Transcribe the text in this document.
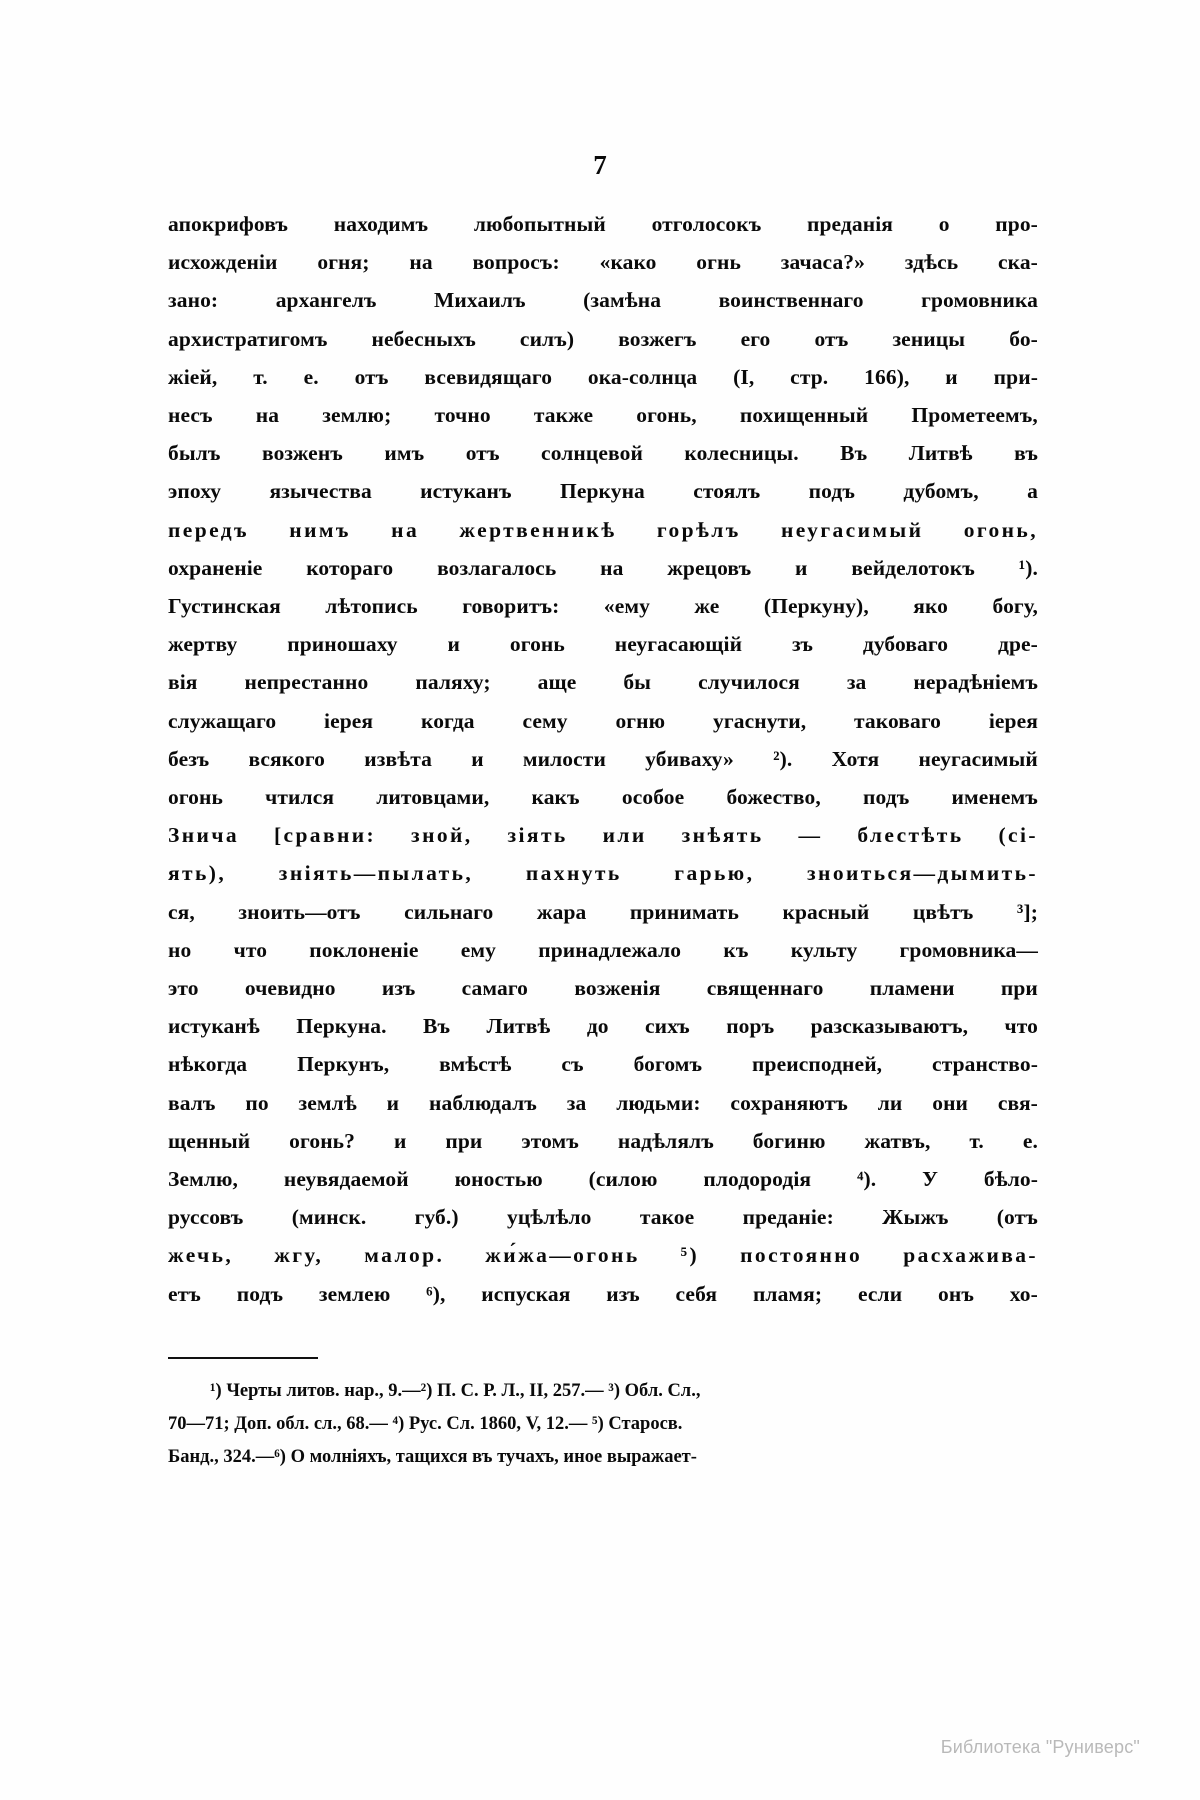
7

апокрифовъ находимъ любопытный отголосокъ преданія о про-
исхожденіи огня; на вопросъ: «како огнь зачаса?» здѣсь ска-
зано:	архангелъ	Михаилъ	(замѣна	воинственнаго	громовника
архистратигомъ небесныхъ силъ) возжегъ его отъ зеницы бо-
жіей, т. е. отъ всевидящаго ока-солнца (I, стр. 166), и при-
несъ на землю; точно также огонь, похищенный Прометеемъ,
былъ возженъ имъ отъ солнцевой колесницы. Въ Литвѣ въ
эпоху язычества истуканъ Перкуна стоялъ подъ дубомъ, а
передъ нимъ на жертвенникѣ горѣлъ неугасимый огонь,
охраненіе котораго возлагалось на жрецовъ и вейделотокъ ¹).
Густинская лѣтопись говоритъ: «ему же (Перкуну), яко богу,
жертву приношаху и огонь неугасающій зъ дубоваго дре-
вія непрестанно паляху; аще бы случилося за нерадѣніемъ
служащаго іерея когда сему огню угаснути, таковаго іерея
безъ всякого извѣта и милости убиваху» ²). Хотя неугасимый
огонь чтился литовцами, какъ особое божество, подъ именемъ
Знича [сравни: зной, зіять или знѣять — блестѣть (сі-
ять), зніять—пылать, пахнуть гарью, зноиться—дымить-
ся, зноить—отъ сильнаго жара принимать красный цвѣтъ ³];
но что поклоненіе ему принадлежало къ культу громовника—
это очевидно изъ самаго возженія священнаго пламени при
истуканѣ Перкуна. Въ Литвѣ до сихъ поръ разсказываютъ, что
нѣкогда Перкунъ, вмѣстѣ съ богомъ преисподней, странство-
валъ по землѣ и наблюдалъ за людьми: сохраняютъ ли они свя-
щенный огонь? и при этомъ надѣлялъ богиню жатвъ, т. е.
Землю, неувядаемой юностью (силою плодородія ⁴). У бѣло-
руссовъ (минск. губ.) уцѣлѣло такое преданіе: Жыжъ (отъ
жечь, жгу, малор. жи́жа—огонь ⁵) постоянно расхажива-
етъ подъ землею ⁶), испуская изъ себя пламя; если онъ хо-

¹) Черты литов. нар., 9.—²) П. С. Р. Л., II, 257.— ³) Обл. Сл.,
70—71; Доп. обл. сл., 68.— ⁴) Рус. Сл. 1860, V, 12.— ⁵) Старосв.
Банд., 324.—⁶) О молніяхъ, тащихся въ тучахъ, иное выражает-
Библиотека "Руниверс"
